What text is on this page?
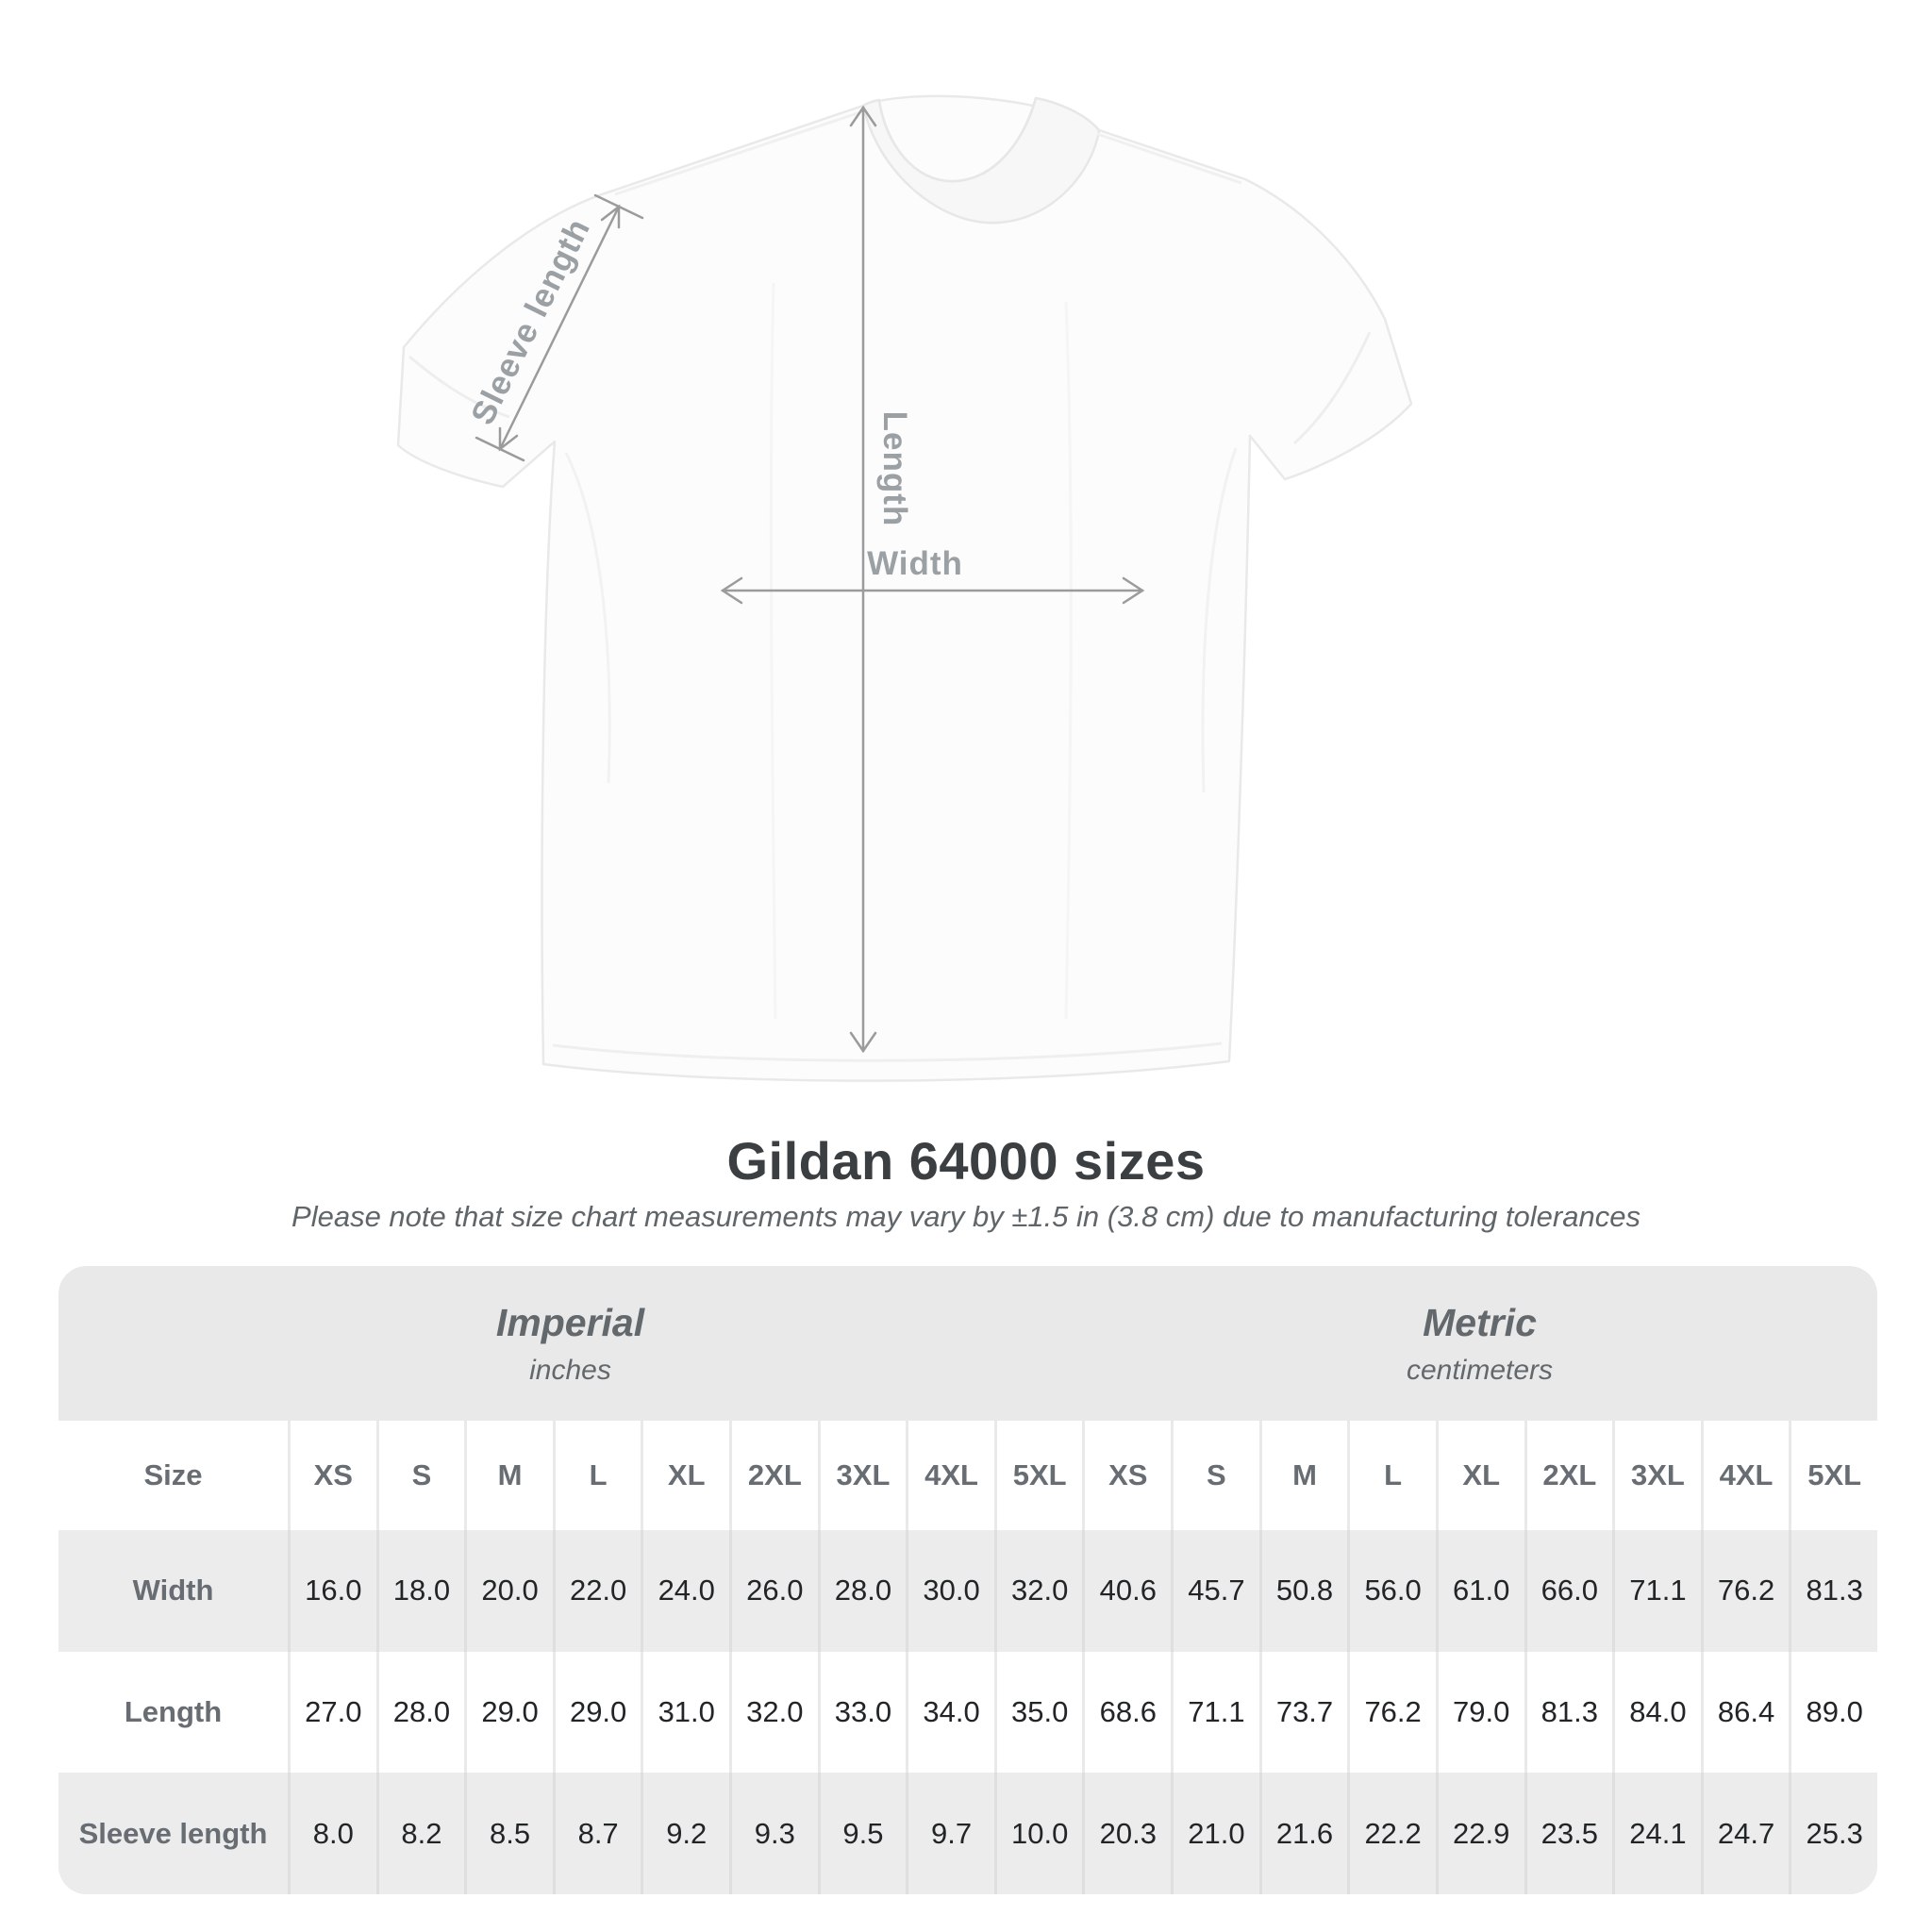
Sleeve length
Length
Width
Gildan 64000 sizes
Please note that size chart measurements may vary by ±1.5 in (3.8 cm) due to manufacturing tolerances
Imperial
inches
Metric
centimeters
Size	XS	S	M	L	XL	2XL	3XL	4XL	5XL	XS	S	M	L	XL	2XL	3XL	4XL	5XL
Width	16.0	18.0	20.0	22.0	24.0	26.0	28.0	30.0	32.0	40.6	45.7	50.8	56.0	61.0	66.0	71.1	76.2	81.3
Length	27.0	28.0	29.0	29.0	31.0	32.0	33.0	34.0	35.0	68.6	71.1	73.7	76.2	79.0	81.3	84.0	86.4	89.0
Sleeve length	8.0	8.2	8.5	8.7	9.2	9.3	9.5	9.7	10.0	20.3	21.0	21.6	22.2	22.9	23.5	24.1	24.7	25.3
